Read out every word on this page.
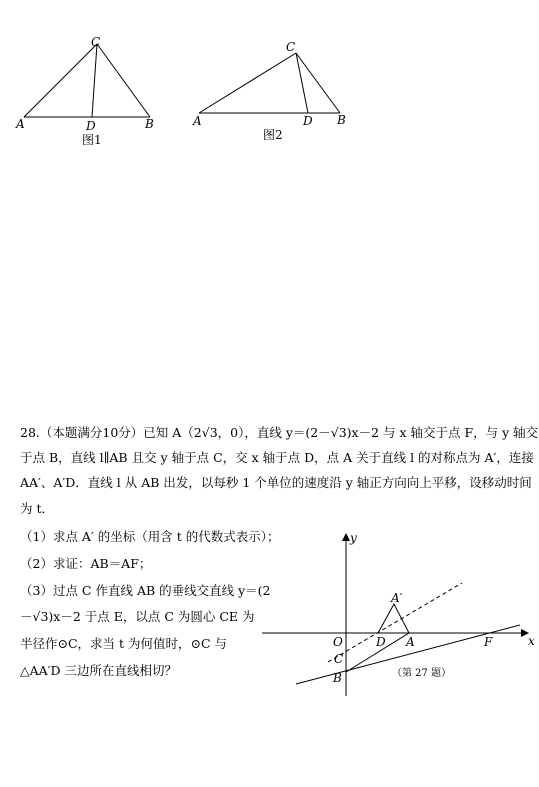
C
A	D	B
图1
C
A	D B
图2
y
x
O	D A	F
C
B
A′
（第 27 题）
28.（本题满分10分）已知 A（2√3，0），直线 y＝(2－√3)x－2 与 x 轴交于点 F，与 y 轴交
于点 B，直线 l∥AB 且交 y 轴于点 C，交 x 轴于点 D，点 A 关于直线 l 的对称点为 A′，连接
AA′、A′D．直线 l 从 AB 出发，以每秒 1 个单位的速度沿 y 轴正方向向上平移，设移动时间
为 t．
（1）求点 A′ 的坐标（用含 t 的代数式表示）；
（2）求证：AB＝AF；
（3）过点 C 作直线 AB 的垂线交直线 y＝(2
－√3)x－2 于点 E，以点 C 为圆心 CE 为
半径作⊙C，求当 t 为何值时，⊙C 与
△AA′D 三边所在直线相切？
